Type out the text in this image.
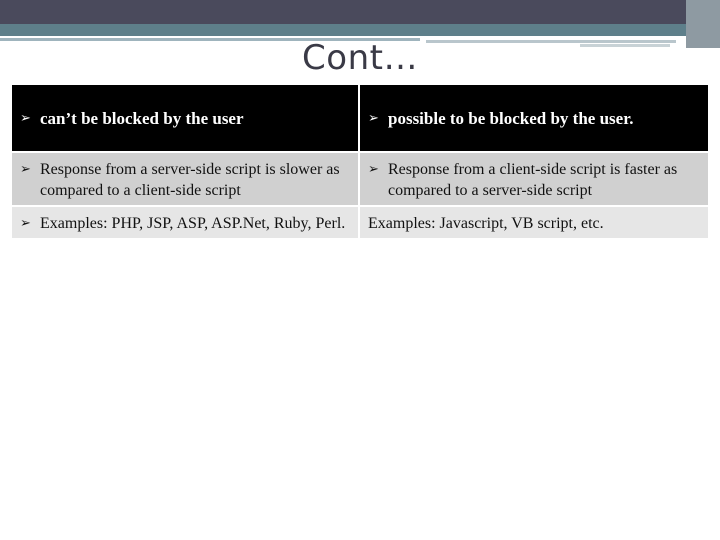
Cont…
➢ can’t be blocked by the user	➢ possible to be blocked by the user.

➢ Response from a server-side script is slower as compared to a client-side script	➢ Response from a client-side script is faster as compared to a server-side script

➢ Examples: PHP, JSP, ASP, ASP.Net, Ruby, Perl.	Examples: Javascript, VB script, etc.
